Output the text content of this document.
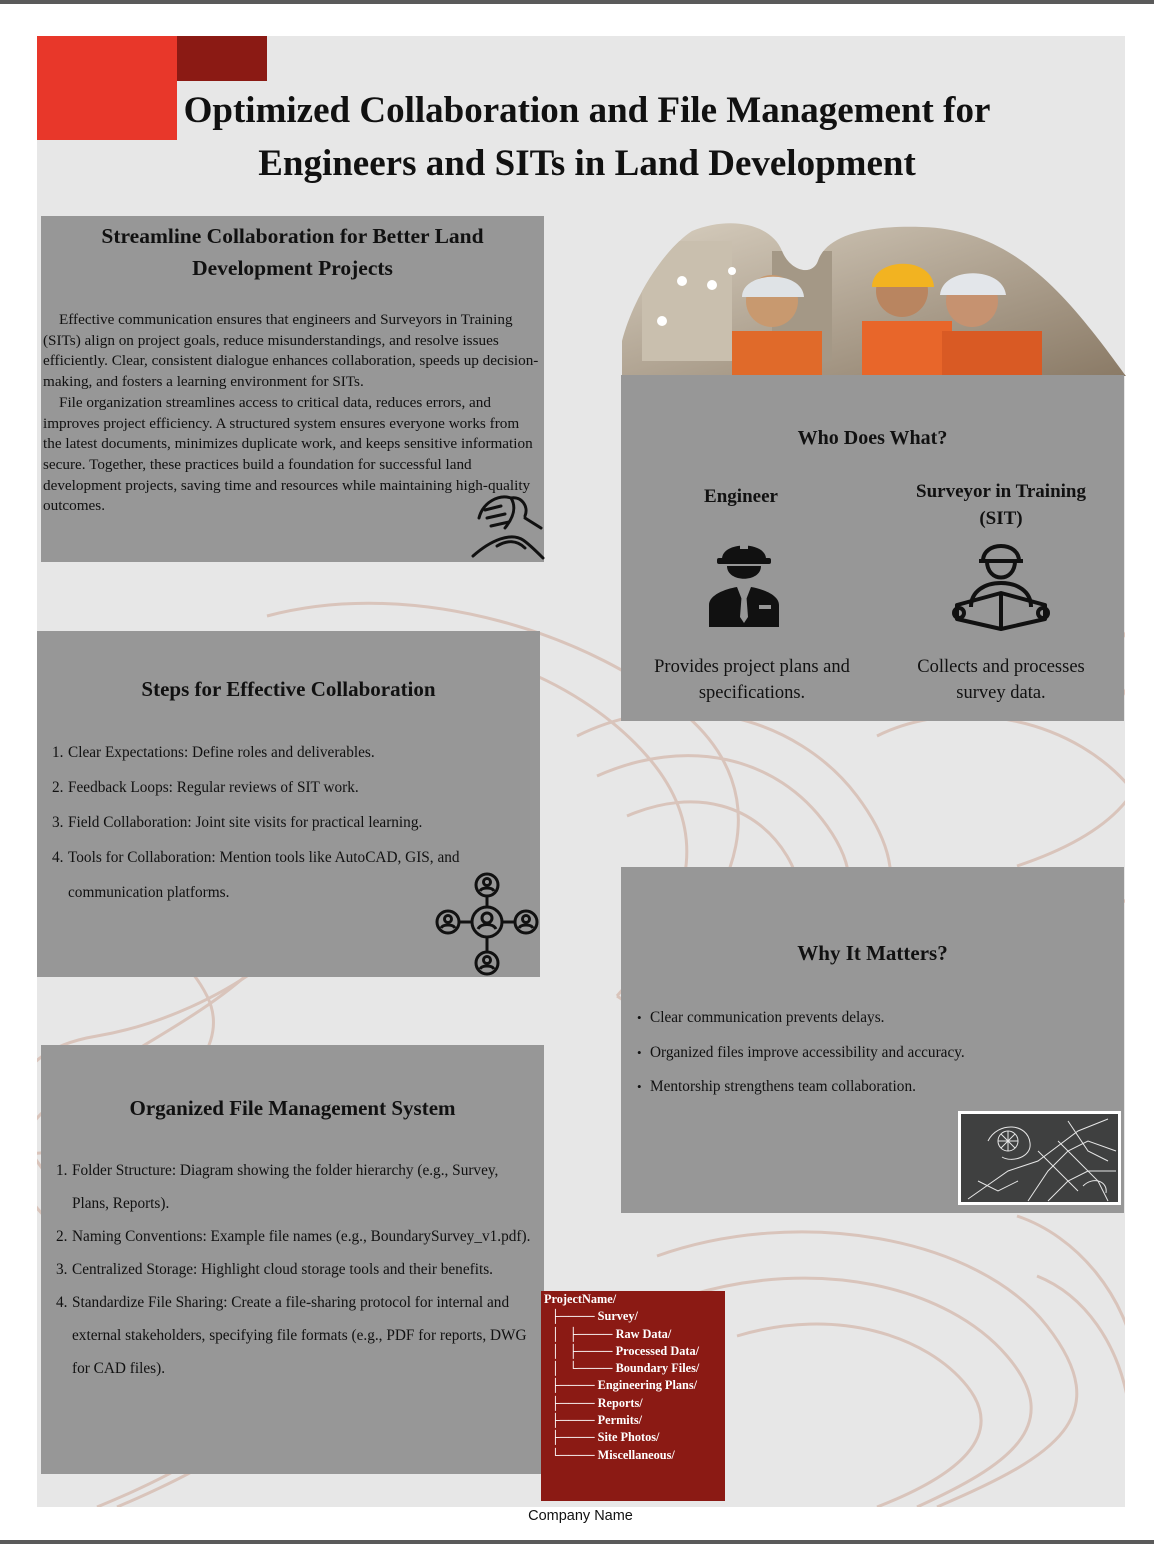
Optimized Collaboration and File Management for Engineers and SITs in Land Development
Streamline Collaboration for Better Land Development Projects

Effective communication ensures that engineers and Surveyors in Training (SITs) align on project goals, reduce misunderstandings, and resolve issues efficiently. Clear, consistent dialogue enhances collaboration, speeds up decision-making, and fosters a learning environment for SITs.

File organization streamlines access to critical data, reduces errors, and improves project efficiency. A structured system ensures everyone works from the latest documents, minimizes duplicate work, and keeps sensitive information secure. Together, these practices build a foundation for successful land development projects, saving time and resources while maintaining high-quality outcomes.

Who Does What?
Engineer	Surveyor in Training (SIT)
Provides project plans and specifications.
Collects and processes survey data.
Steps for Effective Collaboration
1. Clear Expectations: Define roles and deliverables.
2. Feedback Loops: Regular reviews of SIT work.
3. Field Collaboration: Joint site visits for practical learning.
4. Tools for Collaboration: Mention tools like AutoCAD, GIS, and communication platforms.
Why It Matters?
• Clear communication prevents delays.
• Organized files improve accessibility and accuracy.
• Mentorship strengthens team collaboration.
Organized File Management System
1. Folder Structure: Diagram showing the folder hierarchy (e.g., Survey, Plans, Reports).
2. Naming Conventions: Example file names (e.g., BoundarySurvey_v1.pdf).
3. Centralized Storage: Highlight cloud storage tools and their benefits.
4. Standardize File Sharing: Create a file-sharing protocol for internal and external stakeholders, specifying file formats (e.g., PDF for reports, DWG for CAD files).
ProjectName/
├──── Survey/
│   ├──── Raw Data/
│   ├──── Processed Data/
│   └──── Boundary Files/
├──── Engineering Plans/
├──── Reports/
├──── Permits/
├──── Site Photos/
└──── Miscellaneous/
Company Name
